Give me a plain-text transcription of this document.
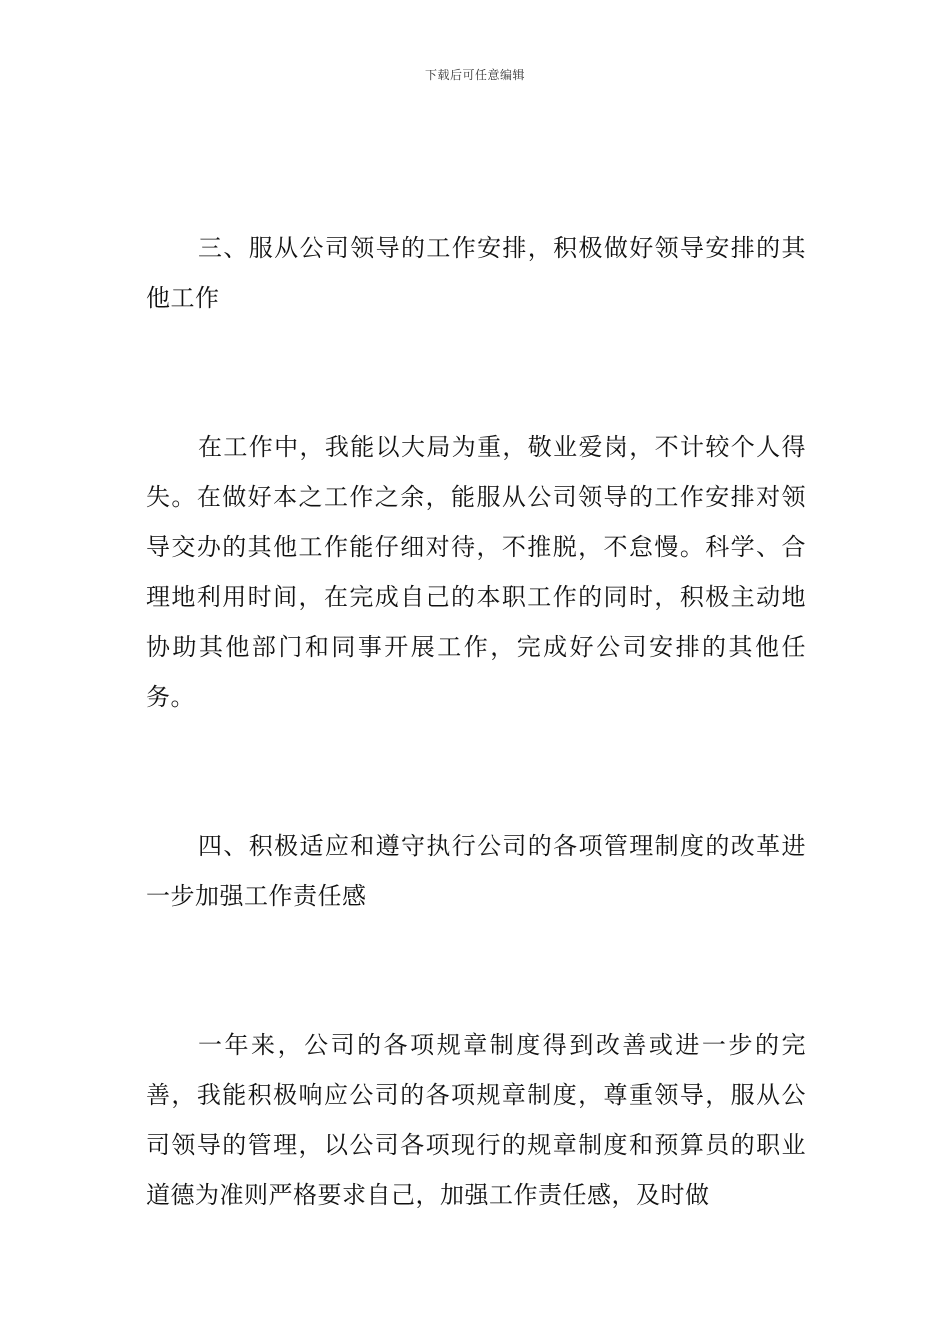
下载后可任意编辑

三、服从公司领导的工作安排，积极做好领导安排的其他工作

在工作中，我能以大局为重，敬业爱岗，不计较个人得失。在做好本之工作之余，能服从公司领导的工作安排对领导交办的其他工作能仔细对待，不推脱，不怠慢。科学、合理地利用时间，在完成自己的本职工作的同时，积极主动地协助其他部门和同事开展工作，完成好公司安排的其他任务。

四、积极适应和遵守执行公司的各项管理制度的改革进一步加强工作责任感

一年来，公司的各项规章制度得到改善或进一步的完善，我能积极响应公司的各项规章制度，尊重领导，服从公司领导的管理，以公司各项现行的规章制度和预算员的职业道德为准则严格要求自己，加强工作责任感，及时做
